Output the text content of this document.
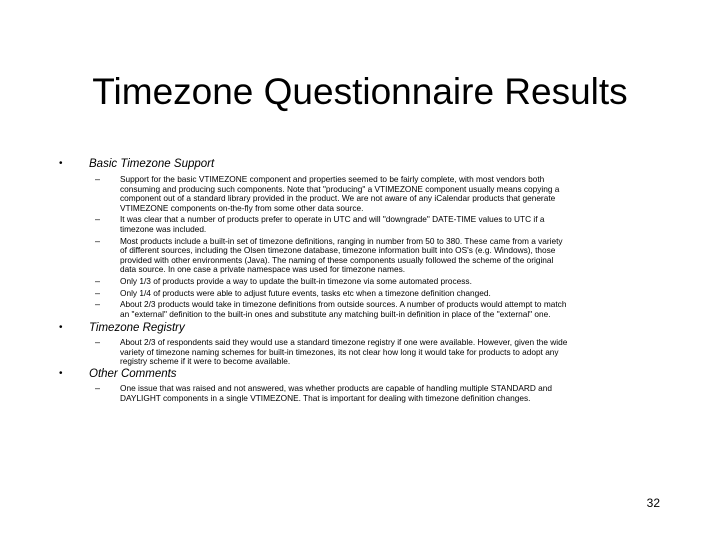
Timezone Questionnaire Results
• Basic Timezone Support
– Support for the basic VTIMEZONE component and properties seemed to be fairly complete, with most vendors both
consuming and producing such components. Note that "producing" a VTIMEZONE component usually means copying a
component out of a standard library provided in the product. We are not aware of any iCalendar products that generate
VTIMEZONE components on-the-fly from some other data source.
– It was clear that a number of products prefer to operate in UTC and will "downgrade" DATE-TIME values to UTC if a
timezone was included.
– Most products include a built-in set of timezone definitions, ranging in number from 50 to 380. These came from a variety
of different sources, including the Olsen timezone database, timezone information built into OS's (e.g. Windows), those
provided with other environments (Java). The naming of these components usually followed the scheme of the original
data source. In one case a private namespace was used for timezone names.
– Only 1/3 of products provide a way to update the built-in timezone via some automated process.
– Only 1/4 of products were able to adjust future events, tasks etc when a timezone definition changed.
– About 2/3 products would take in timezone definitions from outside sources. A number of products would attempt to match
an "external" definition to the built-in ones and substitute any matching built-in definition in place of the "external" one.
• Timezone Registry
– About 2/3 of respondents said they would use a standard timezone registry if one were available. However, given the wide
variety of timezone naming schemes for built-in timezones, its not clear how long it would take for products to adopt any
registry scheme if it were to become available.
• Other Comments
– One issue that was raised and not answered, was whether products are capable of handling multiple STANDARD and
DAYLIGHT components in a single VTIMEZONE. That is important for dealing with timezone definition changes.
32
